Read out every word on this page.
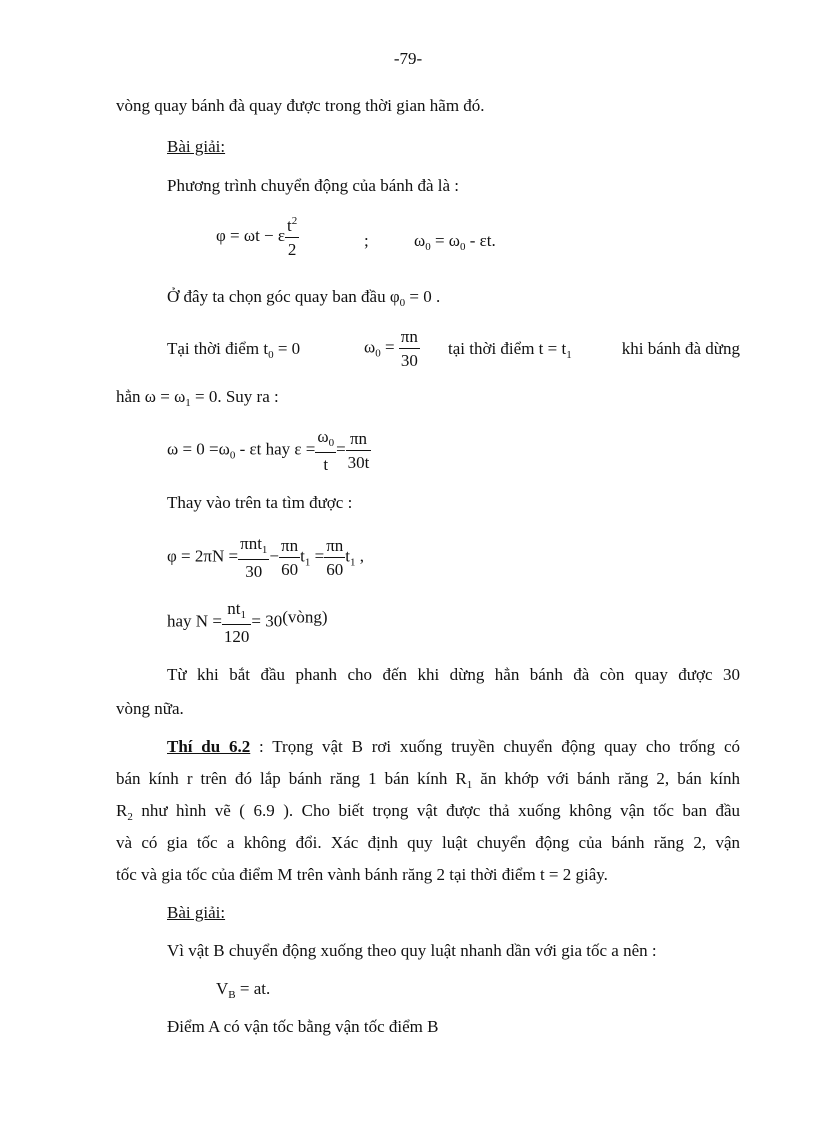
-79-
vòng quay bánh đà quay được trong thời gian hãm đó.
Bài giải:
Phương trình chuyển động của bánh đà là :
φ = ωt − ε $\frac{t^2}{2}$	;	$\omega_0 = \omega_0 - \varepsilon t$.
Ở đây ta chọn góc quay ban đầu $\varphi_0 = 0$ .
Tại thời điểm $t_0 = 0$	$\omega_0 = \frac{\pi n}{30}$ tại thời điểm $t = t_1$	khi bánh đà dừng
hẳn $\omega = \omega_1 = 0$. Suy ra :
$\omega = 0 =\omega_0 - \varepsilon t$ hay $\varepsilon = \frac{\omega_0}{t} = \frac{\pi n}{30t}$
Thay vào trên ta tìm được :
$\varphi = 2\pi N = \frac{\pi nt_1}{30} - \frac{\pi n}{60} t_1 = \frac{\pi n}{60} t_1$ ,
hay $N = \frac{nt_1}{120}$ = 30(vòng)
Từ khi bắt đầu phanh cho đến khi dừng hẳn bánh đà còn quay được 30
vòng nữa.
Thí du 6.2 : Trọng vật B rơi xuống truyền chuyển động quay cho trống có
bán kính r trên đó lắp bánh răng 1 bán kính $R_1$ ăn khớp với bánh răng 2, bán kính
$R_2$ như hình vẽ ( 6.9 ). Cho biết trọng vật được thả xuống không vận tốc ban đầu
và có gia tốc a không đổi. Xác định quy luật chuyển động của bánh răng 2, vận
tốc và gia tốc của điểm M trên vành bánh răng 2 tại thời điểm t = 2 giây.
Bài giải:
Vì vật B chuyển động xuống theo quy luật nhanh dần với gia tốc a nên :
$V_B$ = at.
Điểm A có vận tốc bằng vận tốc điểm B
